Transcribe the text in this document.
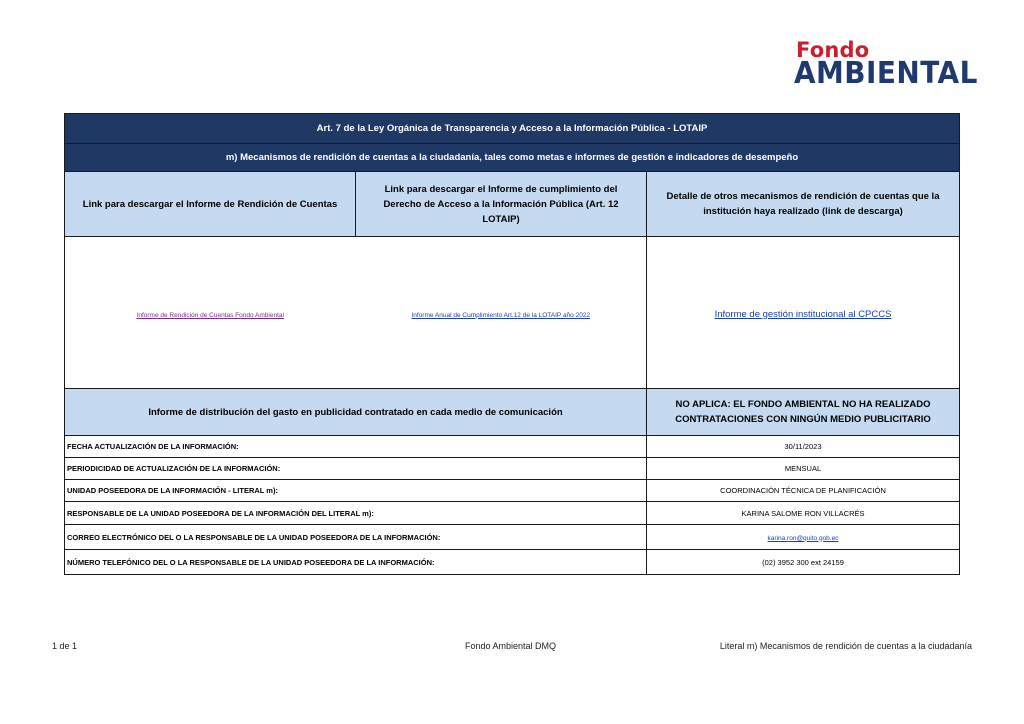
Fondo
AMBIENTAL
Art. 7 de la Ley Orgánica de Transparencia y Acceso a la Información Pública - LOTAIP		
m) Mecanismos de rendición de cuentas a la ciudadanía, tales como metas e informes de gestión e indicadores de desempeño		
Link para descargar el Informe de Rendición de Cuentas	Link para descargar el Informe de cumplimiento del Derecho de Acceso a la Información Pública (Art. 12 LOTAIP)	Detalle de otros mecanismos de rendición de cuentas que la institución haya realizado (link de descarga)
Informe de Rendición de Cuentas Fondo Ambiental	Informe Anual de Cumplimiento Art.12 de la LOTAIP año 2022	Informe de gestión institucional al CPCCS
Informe de distribución del gasto en publicidad contratado en cada medio de comunicación		NO APLICA: EL FONDO AMBIENTAL NO HA REALIZADO CONTRATACIONES CON NINGÚN MEDIO PUBLICITARIO
FECHA ACTUALIZACIÓN DE LA INFORMACIÓN:		30/11/2023
PERIODICIDAD DE ACTUALIZACIÓN DE LA INFORMACIÓN:		MENSUAL
UNIDAD POSEEDORA DE LA INFORMACIÓN - LITERAL m):		COORDINACIÓN TÉCNICA DE PLANIFICACIÓN
RESPONSABLE DE LA UNIDAD POSEEDORA DE LA INFORMACIÓN DEL LITERAL m):		KARINA SALOME RON VILLACRÉS
CORREO ELECTRÓNICO DEL O LA RESPONSABLE DE LA UNIDAD POSEEDORA DE LA INFORMACIÓN:		karina.ron@quito.gob.ec
NÚMERO TELEFÓNICO DEL O LA RESPONSABLE DE LA UNIDAD POSEEDORA DE LA INFORMACIÓN:		(02) 3952 300 ext 24159
1 de 1	Fondo Ambiental DMQ	Literal m) Mecanismos de rendición de cuentas a la ciudadanía
